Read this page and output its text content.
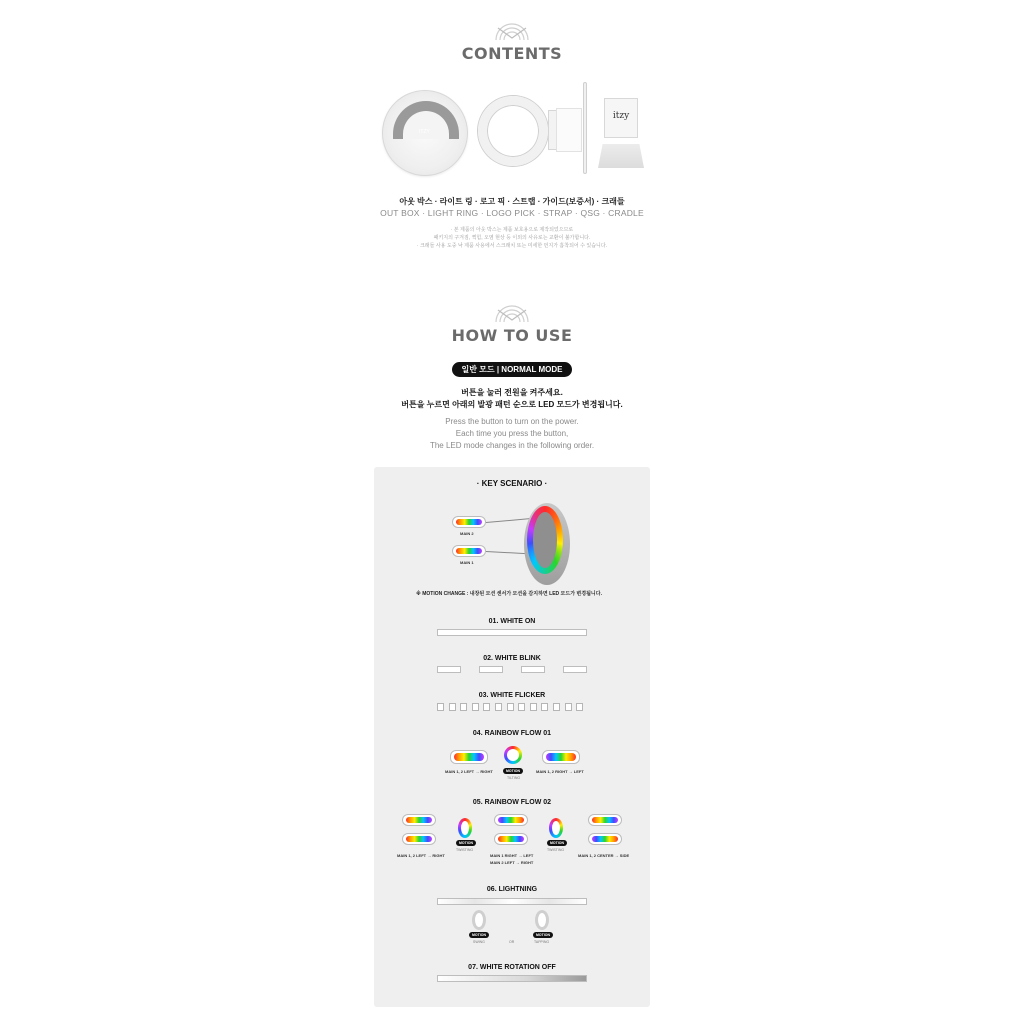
CONTENTS
ITZY
itzy
아웃 박스 · 라이트 링 · 로고 픽 · 스트랩 · 가이드(보증서) · 크래들
OUT BOX · LIGHT RING · LOGO PICK · STRAP · QSG · CRADLE
· 본 제품의 아웃 박스는 제품 보호용으로 제작되었으므로
패키지의 구겨짐, 찍힘, 오염 현상 등 이외의 사유로는 교환이 불가합니다.
· 크래들 사용 도중 낙 제품 사용에서 스크래치 또는 미세한 먼지가 흡착되어 수 있습니다.
HOW TO USE
일반 모드 | NORMAL MODE
버튼을 눌러 전원을 켜주세요.
버튼을 누르면 아래의 발광 패턴 순으로 LED 모드가 변경됩니다.
Press the button to turn on the power.
Each time you press the button,
The LED mode changes in the following order.
· KEY SCENARIO ·
MAIN 2
MAIN 1
※ MOTION CHANGE : 내장된 모션 센서가 모션을 감지하면 LED 모드가 변경됩니다.
01. WHITE ON
02. WHITE BLINK
03. WHITE FLICKER
04. RAINBOW FLOW 01
MAIN 1, 2 LEFT → RIGHT	MOTION
TILTING
MAIN 1, 2 RIGHT → LEFT
05. RAINBOW FLOW 02
MAIN 1, 2 LEFT → RIGHT
MOTION
TWISTING
MAIN 1 RIGHT → LEFT
MAIN 2 LEFT → RIGHT
MOTION
TWISTING
MAIN 1, 2 CENTER → SIDE
06. LIGHTNING
MOTION
SWING	OR
MOTION
TAPPING
07. WHITE ROTATION OFF
